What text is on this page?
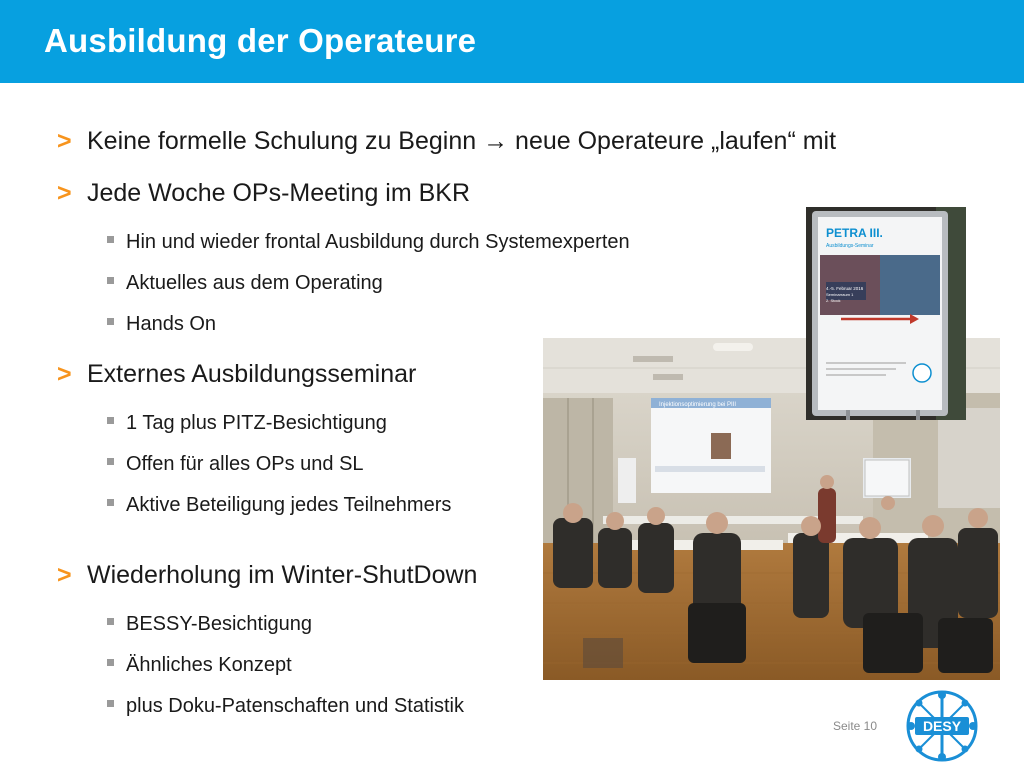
Ausbildung der Operateure
> Keine formelle Schulung zu Beginn → neue Operateure „laufen“ mit
> Jede Woche OPs-Meeting im BKR
Hin und wieder frontal Ausbildung durch Systemexperten
Aktuelles aus dem Operating
Hands On
> Externes Ausbildungsseminar
1 Tag plus PITZ-Besichtigung
Offen für alles OPs und SL
Aktive Beteiligung jedes Teilnehmers
> Wiederholung im Winter-ShutDown
BESSY-Besichtigung
Ähnliches Konzept
plus Doku-Patenschaften und Statistik
Injektionsoptimierung bei PIII
PETRA III.
Ausbildungs-Seminar
4.-5. Februar 2016
Seminarraum 1
2. Stock
Seite 10	DESY
